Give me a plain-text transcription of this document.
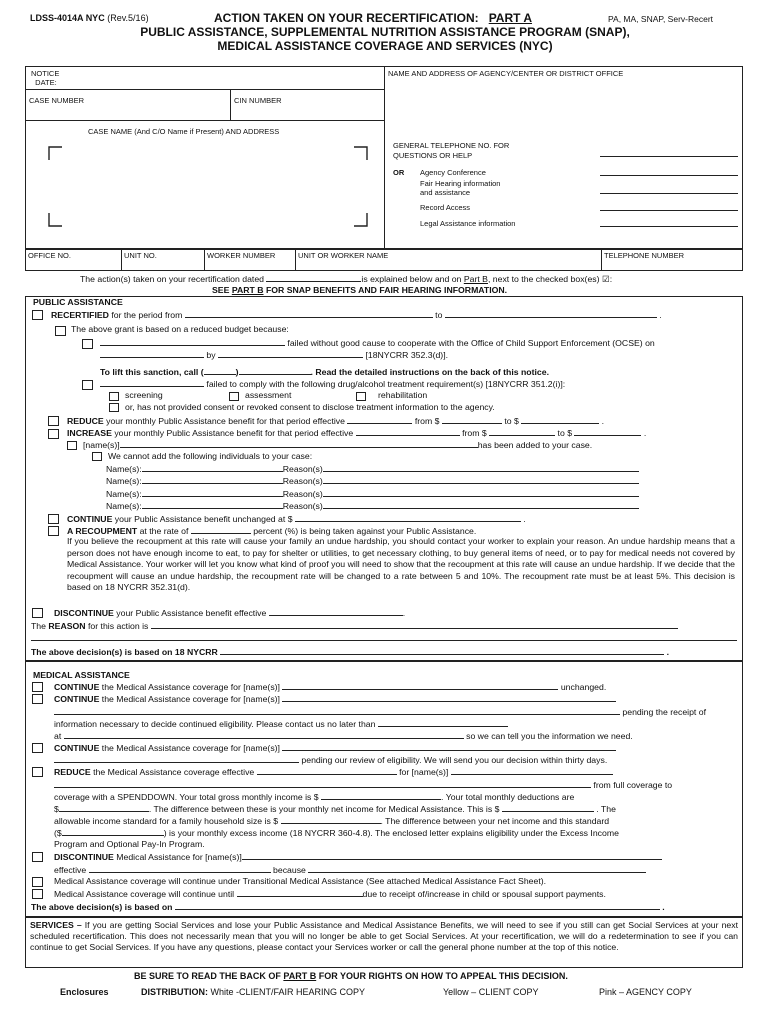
LDSS-4014A NYC (Rev.5/16)	ACTION TAKEN ON YOUR RECERTIFICATION: PART A	PA, MA, SNAP, Serv-Recert
PUBLIC ASSISTANCE, SUPPLEMENTAL NUTRITION ASSISTANCE PROGRAM (SNAP),
MEDICAL ASSISTANCE COVERAGE AND SERVICES (NYC)
NOTICE
DATE:
NAME AND ADDRESS OF AGENCY/CENTER OR DISTRICT OFFICE
CASE NUMBER	CIN NUMBER
CASE NAME (And C/O Name if Present) AND ADDRESS
GENERAL TELEPHONE NO. FOR
QUESTIONS OR HELP
OR Agency Conference
Fair Hearing information
and assistance
Record Access
Legal Assistance information
OFFICE NO.	UNIT NO.	WORKER NUMBER	UNIT OR WORKER NAME	TELEPHONE NUMBER
The action(s) taken on your recertification dated	is explained below and on Part B, next to the checked box(es) ☑:
SEE PART B FOR SNAP BENEFITS AND FAIR HEARING INFORMATION.
PUBLIC ASSISTANCE
RECERTIFIED for the period from	to	.
The above grant is based on a reduced budget because:
failed without good cause to cooperate with the Office of Child Support Enforcement (OCSE) on
by	[18NYCRR 352.3(d)].
To lift this sanction, call (	)	. Read the detailed instructions on the back of this notice.
failed to comply with the following drug/alcohol treatment requirement(s) [18NYCRR 351.2(i)]:
screening	assessment	rehabilitation
or, has not provided consent or revoked consent to disclose treatment information to the agency.
REDUCE your monthly Public Assistance benefit for that period effective	from $	to $	.
INCREASE your monthly Public Assistance benefit for that period effective	from $	to $	.
[name(s)]	has been added to your case.
We cannot add the following individuals to your case:
Name(s):	Reason(s)
Name(s):	Reason(s)
Name(s):	Reason(s)
Name(s):	Reason(s)
CONTINUE your Public Assistance benefit unchanged at $	.
A RECOUPMENT at the rate of	percent (%) is being taken against your Public Assistance.
If you believe the recoupment at this rate will cause your family an undue hardship, you should contact your worker to explain your reason. An undue hardship means that a person does not have enough income to eat, to pay for shelter or utilities, to get necessary clothing, to buy general items of need, or to pay for medical needs not covered by Medical Assistance. Your worker will let you know what kind of proof you will need to show that the recoupment at this rate will cause an undue hardship. If we decide that the recoupment will cause an undue hardship, the recoupment rate will be changed to a rate between 5 and 10%. The recoupment rate must be at least 5%. This decision is based on 18 NYCRR 352.31(d).
DISCONTINUE your Public Assistance benefit effective	.
The REASON for this action is
The above decision(s) is based on 18 NYCRR	.
MEDICAL ASSISTANCE
CONTINUE the Medical Assistance coverage for [name(s)]	unchanged.
CONTINUE the Medical Assistance coverage for [name(s)]
pending the receipt of
information necessary to decide continued eligibility. Please contact us no later than
at	so we can tell you the information we need.
CONTINUE the Medical Assistance coverage for [name(s)]
pending our review of eligibility. We will send you our decision within thirty days.
REDUCE the Medical Assistance coverage effective	for [name(s)]
from full coverage to
coverage with a SPENDDOWN. Your total gross monthly income is $	. Your total monthly deductions are
$	. The difference between these is your monthly net income for Medical Assistance. This is $	. The
allowable income standard for a family household size is $	. The difference between your net income and this standard
($	) is your monthly excess income (18 NYCRR 360-4.8). The enclosed letter explains eligibility under the Excess Income
Program and Optional Pay-In Program.
DISCONTINUE Medical Assistance for [name(s)]
effective	because
Medical Assistance coverage will continue under Transitional Medical Assistance (See attached Medical Assistance Fact Sheet).
Medical Assistance coverage will continue until	due to receipt of/increase in child or spousal support payments.
The above decision(s) is based on	.
SERVICES – If you are getting Social Services and lose your Public Assistance and Medical Assistance Benefits, we will need to see if you still can get Social Services at your next scheduled recertification. This does not necessarily mean that you will no longer be able to get Social Services. At your recertification, we will do a redetermination to see if you can continue to get Social Services. If you have any questions, please contact your Services worker or call the general phone number at the top of this notice.
BE SURE TO READ THE BACK OF PART B FOR YOUR RIGHTS ON HOW TO APPEAL THIS DECISION.
Enclosures	DISTRIBUTION: White -CLIENT/FAIR HEARING COPY	Yellow – CLIENT COPY	Pink – AGENCY COPY
